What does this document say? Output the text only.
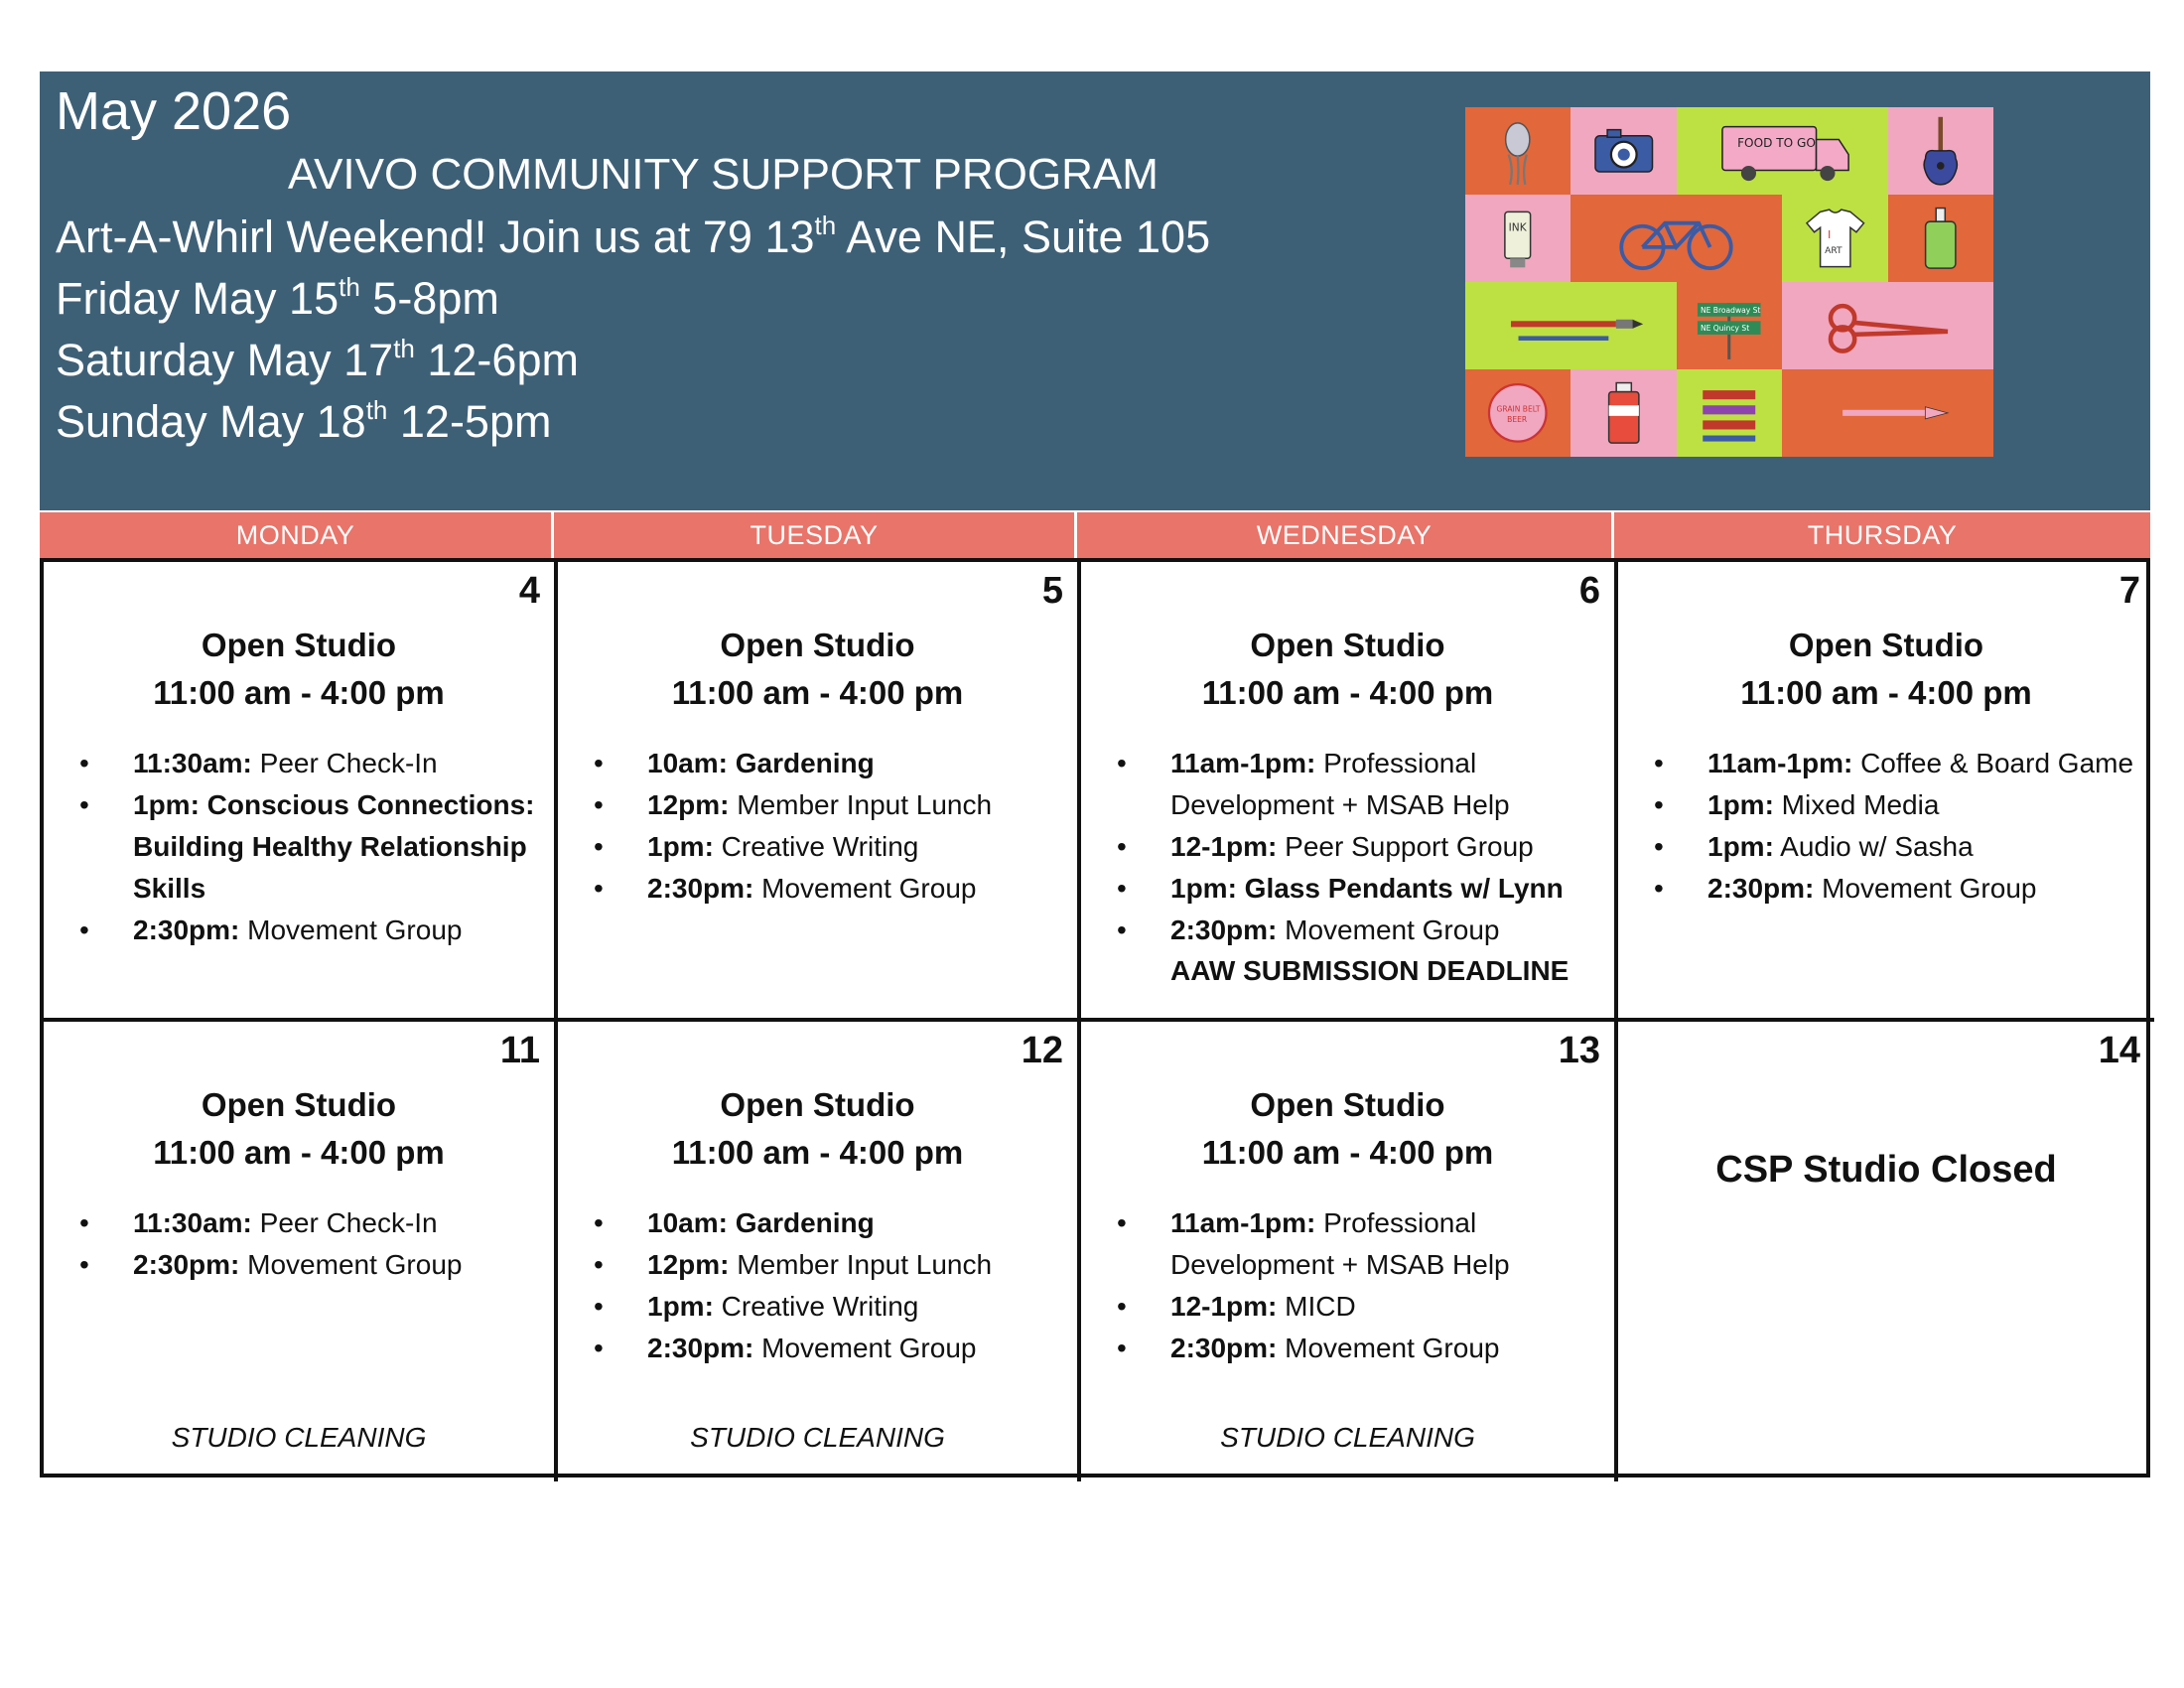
May 2026
AVIVO COMMUNITY SUPPORT PROGRAM
Art-A-Whirl Weekend! Join us at 79 13th Ave NE, Suite 105
Friday May 15th 5-8pm
Saturday May 17th 12-6pm
Sunday May 18th 12-5pm
FOOD TO GO
INK
I
ART
NE Broadway St
NE Quincy St
GRAIN BELT
BEER
MONDAY	TUESDAY	WEDNESDAY	THURSDAY
4
Open Studio
11:00 am - 4:00 pm
• 11:30am: Peer Check-In
• 1pm: Conscious Connections: Building Healthy Relationship Skills
• 2:30pm: Movement Group
5
Open Studio
11:00 am - 4:00 pm
• 10am: Gardening
• 12pm: Member Input Lunch
• 1pm: Creative Writing
• 2:30pm: Movement Group
6
Open Studio
11:00 am - 4:00 pm
• 11am-1pm: Professional Development + MSAB Help
• 12-1pm: Peer Support Group
• 1pm: Glass Pendants w/ Lynn
• 2:30pm: Movement Group
AAW SUBMISSION DEADLINE
7
Open Studio
11:00 am - 4:00 pm
• 11am-1pm: Coffee & Board Game
• 1pm: Mixed Media
• 1pm: Audio w/ Sasha
• 2:30pm: Movement Group
11
Open Studio
11:00 am - 4:00 pm
• 11:30am: Peer Check-In
• 2:30pm: Movement Group
STUDIO CLEANING
12
Open Studio
11:00 am - 4:00 pm
• 10am: Gardening
• 12pm: Member Input Lunch
• 1pm: Creative Writing
• 2:30pm: Movement Group
STUDIO CLEANING
13
Open Studio
11:00 am - 4:00 pm
• 11am-1pm: Professional Development + MSAB Help
• 12-1pm: MICD
• 2:30pm: Movement Group
STUDIO CLEANING
14
CSP Studio Closed
